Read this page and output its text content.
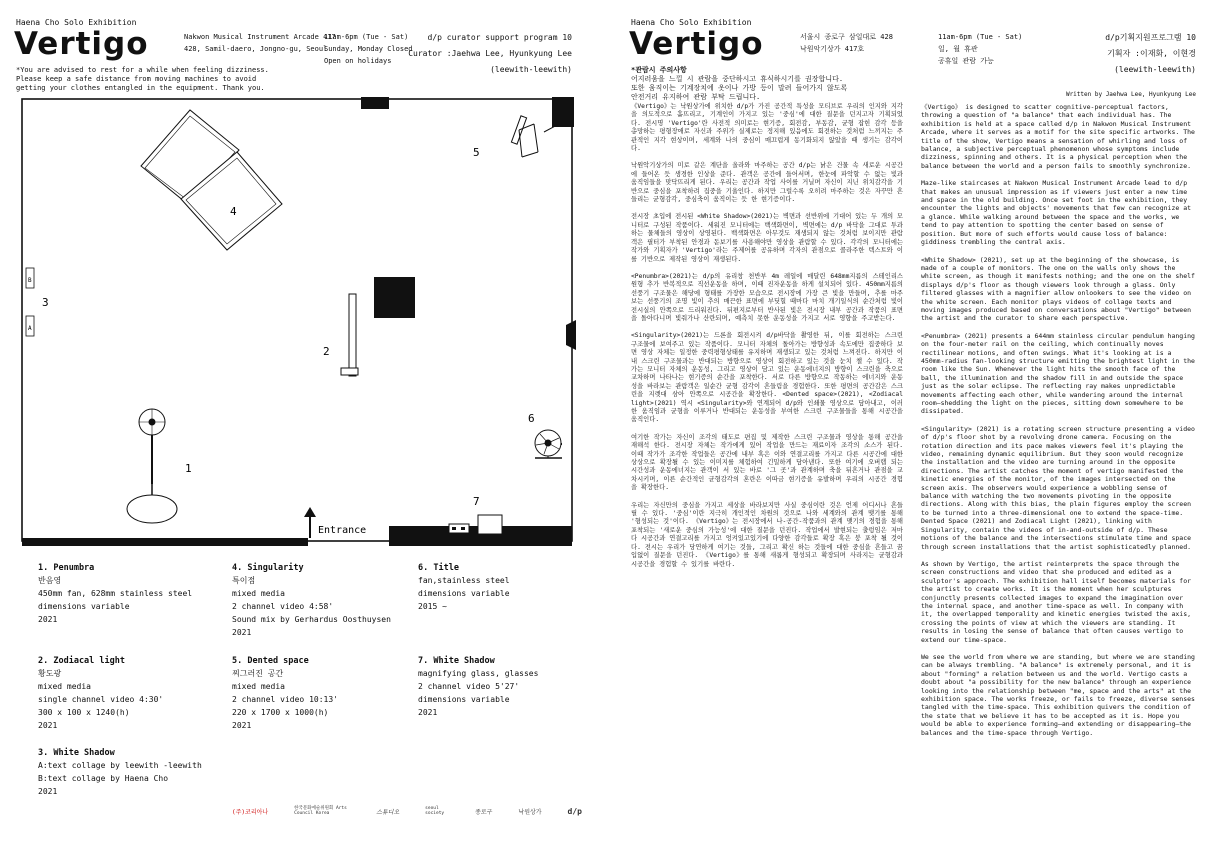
Haena Cho Solo Exhibition
Vertigo	Nakwon Musical Instrument Arcade 417
428, Samil-daero, Jongno-gu, Seoul
11am-6pm (Tue - Sat)
Sunday, Monday Closed
Open on holidays
d/p curator support program 10
Curator :Jaehwa Lee, Hyunkyung Lee
(leewith-leewith)
*You are advised to rest for a while when feeling dizziness.
Please keep a safe distance from moving machines to avoid
getting your clothes entangled in the equipment. Thank you.
1
2
3
4
5
6
7
B
A
Entrance
1. Penumbra
반음영
450mm fan, 628mm stainless steel
dimensions variable
2021
2. Zodiacal light
황도광
mixed media
single channel video 4:30'
300 x 100 x 1240(h)
2021
3. White Shadow
A:text collage by leewith -leewith
B:text collage by Haena Cho
2021
4. Singularity
특이점
mixed media
2 channel video 4:58'
Sound mix by Gerhardus Oosthuysen
2021
5. Dented space
찌그러진 공간
mixed media
2 channel video 10:13'
220 x 1700 x 1000(h)
2021
6. Title
fan,stainless steel
dimensions variable
2015 ~
7. White Shadow
magnifying glass, glasses
2 channel video 5'27'
dimensions variable
2021
(주)코리아나	한국문화예술위원회 Arts Council Korea	스튜디오	seoul society	종로구	낙원상가	d/p
Haena Cho Solo Exhibition
Vertigo	서울시 종로구 삼일대로 428
낙원악기상가 417호
11am-6pm (Tue - Sat)
일, 월 휴관
공휴일 관람 가능
d/p기획지원프로그램 10
기획자 :이재화, 이현경
(leewith-leewith)
*관람시 주의사항
어지러움을 느낄 시 관람을 중단하시고 휴식하시기를 권장합니다.
또한 움직이는 기계장치에 옷이나 가방 등이 말려 들어가지 않도록
안전거리 유지하여 관람 부탁 드립니다.	Written by Jaehwa Lee, Hyunkyung Lee

《Vertigo》는 낙원상가에 위치한 d/p가 가진 공간적 특성을 모티브로 우리의 인지와 지각을 의도적으로 흩뜨리고, 기계인이 가지고 있는 '중심'에 대한 질문을 던지고자 기획되었다. 전시명 'Vertigo'란 사전적 의미로는 현기증, 회전감, 부동감, 균형 잡힌 감각 등을 총망하는 평형장애로 자신과 주위가 실제로는 정지해 있음에도 회전하는 것처럼 느끼지는 주관적인 지각 현상이며, 세계와 나의 중심이 매끄럽게 동기화되지 않았을 때 생기는 감각이다.

낙원악기상가의 미로 같은 계단을 올라와 마주하는 공간 d/p는 낡은 건물 속 새로운 시공간에 들어온 듯 생경한 인상을 준다. 관객은 공간에 들어서며, 한눈에 파악할 수 없는 빛과 움직임들을 맞닥뜨리게 된다. 우리는 공간과 작업 사이를 거닐며 자신이 지닌 위치감각을 기반으로 중심을 포착하려 집중을 기울인다. 하지만 그럴수록 오히려 마주하는 것은 자꾸만 흔들리는 균형감각, 중심축이 움직이는 듯 한 현기증이다.

전시장 초입에 전시된 <White Shadow>(2021)는 벽면과 선반위에 기대어 있는 두 개의 모니터로 구성된 작품이다. 세워진 모니터에는 백색화면이, 벽면에는 d/p 바닥을 그대로 투과하는 물체들의 영상이 상영된다. 백색화면은 아무것도 재생되지 않는 것처럼 보이지만 관람객은 필터가 부착된 안경과 돋보기를 사용해야만 영상을 관람할 수 있다. 각각의 모니터에는 작가와 기획자가 'Vertigo'라는 주제어를 공유하며 각자의 관점으로 콜라주한 텍스트와 이를 기반으로 제작된 영상이 재생된다.

<Penumbra>(2021)는 d/p의 유리창 천반부 4m 레일에 매달린 648mm지름의 스테인리스 원형 추가 반복적으로 직선운동을 하며, 이때 진자운동을 하게 설치되어 있다. 450mm지름의 선풍기 구조물은 해당에 형태를 가장한 모습으로 전시장에 가장 큰 빛을 만들며, 추를 마주보는 선풍기의 조명 빛이 추의 매끈한 표면에 부딪힐 때마다 마치 개기일식의 순간처럼 빛이 전시실의 안쪽으로 드리워진다. 뒤편지로부터 반사된 빛은 전시장 내부 공간과 작품의 표면을 돌아다니며 빛줘가나 산란되며, 예측치 못한 운동성을 가지고 서로 영향을 주고받는다.

<Singularity>(2021)는 드론을 회전시켜 d/p바닥을 촬영한 뒤, 이를 회전하는 스크린 구조물에 보여주고 있는 작품이다. 모니터 자체의 돌아가는 방향성과 속도에만 집중하다 보면 영상 자체는 일정한 중력평형상태를 유지하며 재생되고 있는 것처럼 느껴진다. 하지만 이내 스크린 구조물과는 반대되는 방향으로 영상이 회전하고 있는 것을 눈치 챌 수 있다. 작가는 모니터 자체의 운동성, 그리고 영상이 담고 있는 운동에너지의 방향이 스크린을 축으로 교차하며 나타나는 현기증의 순간을 포착한다. 서로 다른 방향으로 작동하는 에너지와 운동성을 바라보는 관람객은 일순간 균형 감각이 흔들림을 경험한다. 또한 평면의 공간감은 스크린을 지렛대 삼아 안쪽으로 시공간을 확장한다. <Dented space>(2021), <Zodiacal light>(2021) 역시 <Singularity>와 연계되어 d/p와 인쇄물 영상으로 담아내고, 이러한 움직임과 균형을 이루거나 반대되는 운동성을 부여한 스크린 구조물들을 통해 시공간을 움직인다.

여기한 작가는 자신이 조각의 태도로 편집 및 제작한 스크린 구조물과 영상을 통해 공간을 재해석 한다. 전시장 자체는 작가에게 있어 작업을 만드는 재료이자 조각의 소스가 된다. 이때 작가가 조각한 작업들은 공간에 내부 혹은 이와 연결고리를 가지고 다른 시공간에 대한 상상으로 확장될 수 있는 이미지를 체험하여 긴밀하게 담아낸다. 또한 여기에 오버랩 되는 시간성과 운동에너지는 관객이 서 있는 바로 '그 곳'과 관계하며 축을 뒤흔거나 관점을 교차시키며, 이른 순간적인 균형감각의 혼란은 이따금 현기증을 유발하며 우리의 시공간 경험을 확장한다.

우리는 자신만의 중심을 가지고 세상을 바라보지만 사실 중심이란 것은 언제 어디서나 흔들릴 수 있다. '중심'이란 지극히 개인적인 차원의 것으로 나와 세계와의 관계 맺기를 통해 '형성되는 것'이다. 《Vertigo》는 전시장에서 나-공간-작품과의 관계 맺기의 경험을 통해 포착되는 '새로운 중심의 가능성'에 대한 질문을 던진다. 작업에서 발현되는 출렁임은 저마다 시공간과 연결고리를 가지고 엉켜있고있기에 다양한 감각들로 확장 혹은 붕 포착 될 것이다. 전시는 우리가 당연하게 여기는 것들, 그리고 확신 하는 것들에 대한 중심을 흔들고 꿈입없이 질문을 던진다. 《Vertigo》를 통해 새롭게 형성되고 확장되며 사라지는 균형감과 시공간을 경험할 수 있기를 바란다.

《Vertigo》 is designed to scatter cognitive-perceptual factors, throwing a question of "a balance" that each individual has. The exhibition is held at a space called d/p in Nakwon Musical Instrument Arcade, where it serves as a motif for the site specific artworks. The title of the show, Vertigo means a sensation of whirling and loss of balance, a subjective perceptual phenomenon whose symptoms include dizziness, spinning and others. It is a physical perception when the balance between the world and a person fails to smoothly synchronize.

Maze-like staircases at Nakwon Musical Instrument Arcade lead to d/p that makes an unusual impression as if viewers just enter a new time and space in the old building. Once set foot in the exhibition, they encounter the lights and objects' movements that few can recognize at a glance. While walking around between the space and the works, we tend to pay attention to spotting the center based on sense of position. But more of such efforts would cause loss of balance: giddiness trembling the central axis.

<White Shadow> (2021), set up at the beginning of the showcase, is made of a couple of monitors. The one on the walls only shows the white screen, as though it manifests nothing; and the one on the shelf displays d/p's floor as though viewers look through a glass. Only filtered glasses with a magnifier allow onlookers to see the video on the white screen. Each monitor plays videos of collage texts and moving images produced based on conversations about "Vertigo" between the artist and the curator to share each perspective.

<Penumbra> (2021) presents a 644mm stainless circular pendulum hanging on the four-meter rail on the ceiling, which continually moves rectilinear motions, and often swings. What it's looking at is a 450mm-radius fan-looking structure emitting the brightest light in the room like the Sun. Whenever the light hits the smooth face of the ball, the illumination and the shadow fill in and outside the space just as the solar eclipse. The reflecting ray makes unpredictable movements affecting each other, while wandering around the internal room—shedding the light on the pieces, sitting down somewhere to be dissipated.

<Singularity> (2021) is a rotating screen structure presenting a video of d/p's floor shot by a revolving drone camera. Focusing on the rotation direction and its pace makes viewers feel it's playing the video, remaining dynamic equilibrium. But they soon would recognize the installation and the video are turning around in the opposite directions. The artist catches the moment of vertigo manifested the kinetic energies of the monitor, of the images intersected on the screen axis. The observers would experience a wobbling sense of balance with watching the two movements pivoting in the opposite directions. Along with this bias, the plain figures employ the screen to be turned into a three-dimensional one to extend the space-time. Dented Space (2021) and Zodiacal Light (2021), linking with Singularity, contain the videos of in-and-outside of d/p. These motions of the balance and the intersections stimulate time and space through screen installations that the artist sophisticatedly planned.

As shown by Vertigo, the artist reinterprets the space through the screen constructions and video that she produced and edited as a sculptor's approach. The exhibition hall itself becomes materials for the artist to create works. It is the moment when her sculptures conjunctly presents collected images to expand the imagination over the internal space, and another time-space as well. In company with it, the overlapped temporality and kinetic energies twisted the axis, crossing the points of view at which the viewers are standing. It results in losing the sense of balance that often causes vertigo to extend our time-space.

We see the world from where we are standing, but where we are standing can be always trembling. "A balance" is extremely personal, and it is about "forming" a relation between us and the world. Vertigo casts a doubt about "a possibility for the new balance" through an experience looking into the relationship between "me, space and the arts" at the exhibition space. The works freeze, or fails to freeze, diverse senses tangled with the time-space. This exhibition quivers the condition of the state that we believe it has to be accepted as it is. Hope you would be able to experience forming—and extending or disappearing—the balances and the time-space through Vertigo.
